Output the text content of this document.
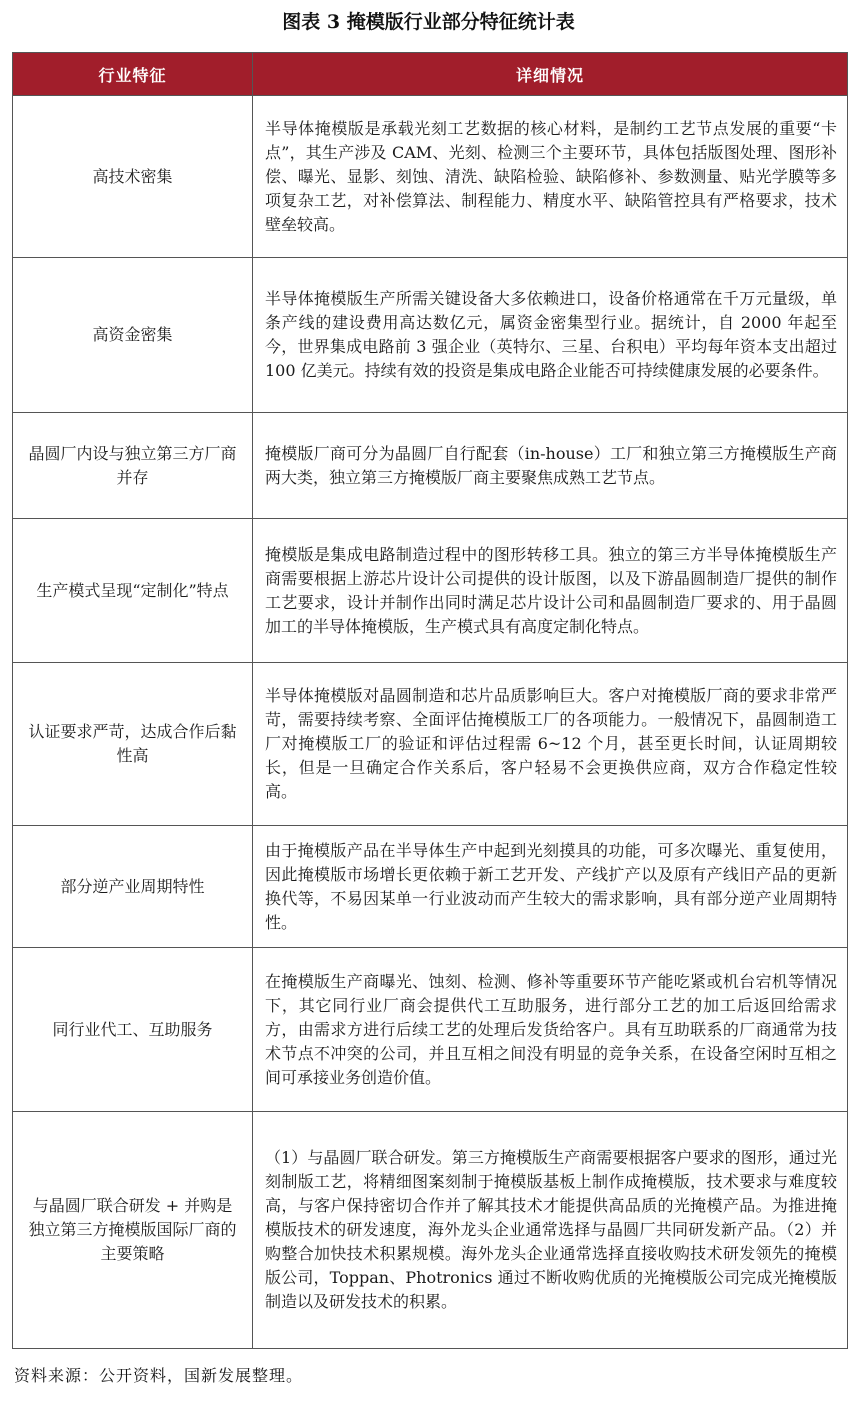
图表 3 掩模版行业部分特征统计表
行业特征	详细情况
高技术密集	半导体掩模版是承载光刻工艺数据的核心材料，是制约工艺节点发展的重要“卡点”，其生产涉及 CAM、光刻、检测三个主要环节，具体包括版图处理、图形补偿、曝光、显影、刻蚀、清洗、缺陷检验、缺陷修补、参数测量、贴光学膜等多项复杂工艺，对补偿算法、制程能力、精度水平、缺陷管控具有严格要求，技术壁垒较高。
高资金密集	半导体掩模版生产所需关键设备大多依赖进口，设备价格通常在千万元量级，单条产线的建设费用高达数亿元，属资金密集型行业。据统计，自 2000 年起至今，世界集成电路前 3 强企业（英特尔、三星、台积电）平均每年资本支出超过 100 亿美元。持续有效的投资是集成电路企业能否可持续健康发展的必要条件。
晶圆厂内设与独立第三方厂商并存	掩模版厂商可分为晶圆厂自行配套（in-house）工厂和独立第三方掩模版生产商两大类，独立第三方掩模版厂商主要聚焦成熟工艺节点。
生产模式呈现“定制化”特点	掩模版是集成电路制造过程中的图形转移工具。独立的第三方半导体掩模版生产商需要根据上游芯片设计公司提供的设计版图，以及下游晶圆制造厂提供的制作工艺要求，设计并制作出同时满足芯片设计公司和晶圆制造厂要求的、用于晶圆加工的半导体掩模版，生产模式具有高度定制化特点。
认证要求严苛，达成合作后黏性高	半导体掩模版对晶圆制造和芯片品质影响巨大。客户对掩模版厂商的要求非常严苛，需要持续考察、全面评估掩模版工厂的各项能力。一般情况下，晶圆制造工厂对掩模版工厂的验证和评估过程需 6~12 个月，甚至更长时间，认证周期较长，但是一旦确定合作关系后，客户轻易不会更换供应商，双方合作稳定性较高。
部分逆产业周期特性	由于掩模版产品在半导体生产中起到光刻摸具的功能，可多次曝光、重复使用，因此掩模版市场增长更依赖于新工艺开发、产线扩产以及原有产线旧产品的更新换代等，不易因某单一行业波动而产生较大的需求影响，具有部分逆产业周期特性。
同行业代工、互助服务	在掩模版生产商曝光、蚀刻、检测、修补等重要环节产能吃紧或机台宕机等情况下，其它同行业厂商会提供代工互助服务，进行部分工艺的加工后返回给需求方，由需求方进行后续工艺的处理后发货给客户。具有互助联系的厂商通常为技术节点不冲突的公司，并且互相之间没有明显的竞争关系，在设备空闲时互相之间可承接业务创造价值。
与晶圆厂联合研发 + 并购是独立第三方掩模版国际厂商的主要策略	（1）与晶圆厂联合研发。第三方掩模版生产商需要根据客户要求的图形，通过光刻制版工艺，将精细图案刻制于掩模版基板上制作成掩模版，技术要求与难度较高，与客户保持密切合作并了解其技术才能提供高品质的光掩模产品。为推进掩模版技术的研发速度，海外龙头企业通常选择与晶圆厂共同研发新产品。（2）并购整合加快技术积累规模。海外龙头企业通常选择直接收购技术研发领先的掩模版公司，Toppan、Photronics 通过不断收购优质的光掩模版公司完成光掩模版制造以及研发技术的积累。
资料来源：公开资料，国新发展整理。
